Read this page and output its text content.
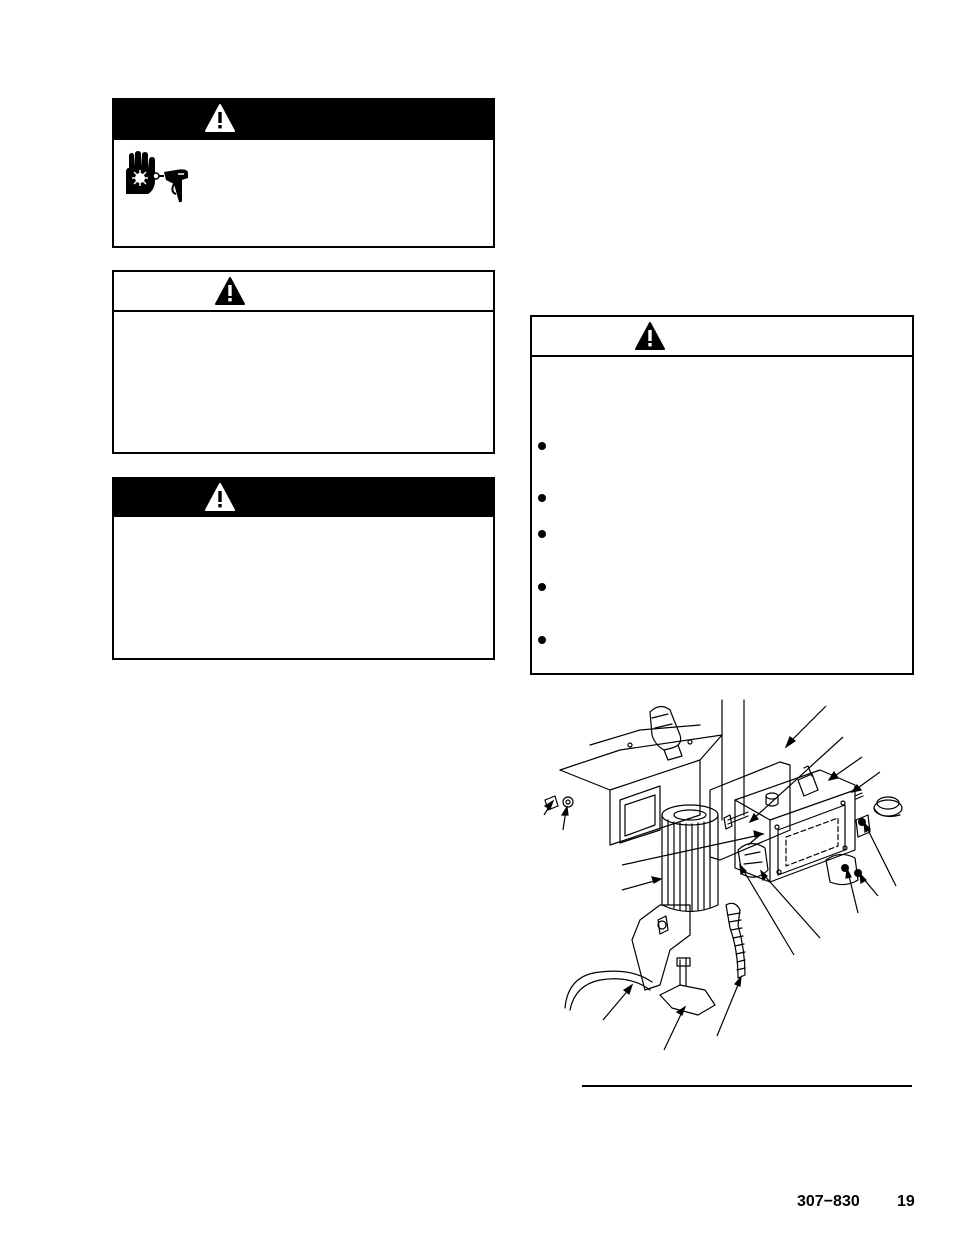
307−830 19
